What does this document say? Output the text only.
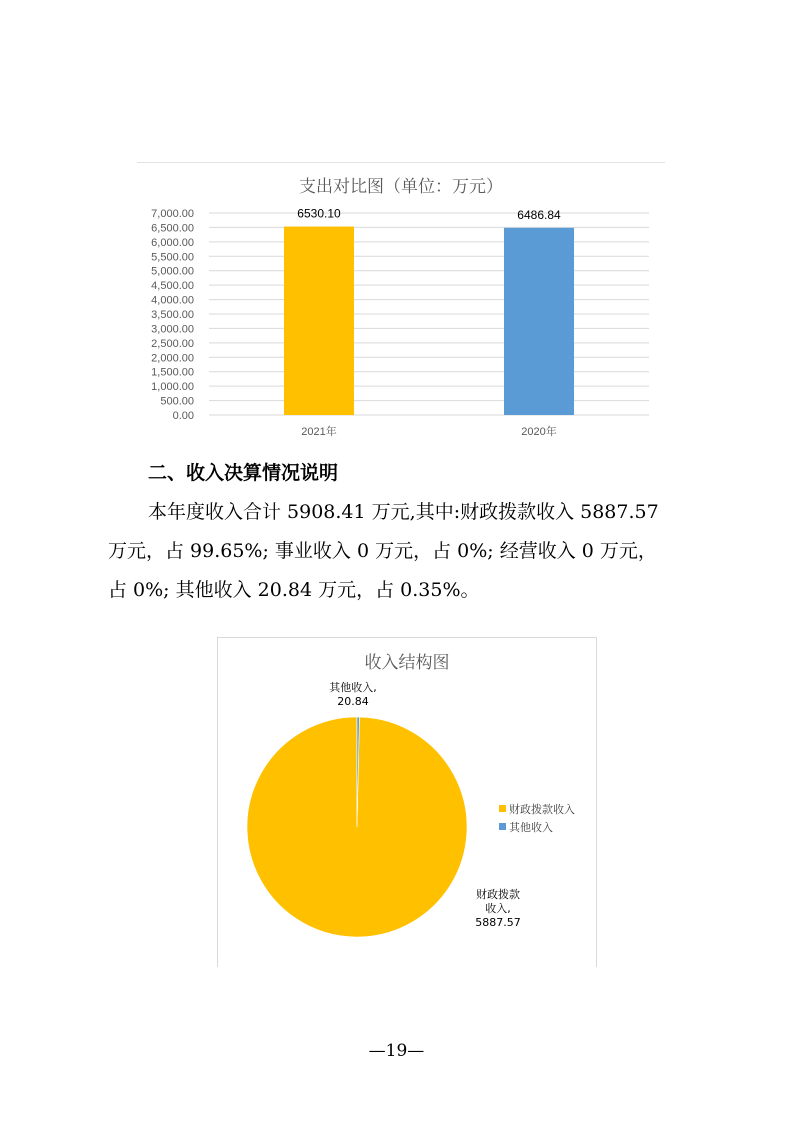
支出对比图（单位：万元）
0.00
500.00
1,000.00
1,500.00
2,000.00
2,500.00
3,000.00
3,500.00
4,000.00
4,500.00
5,000.00
5,500.00
6,000.00
6,500.00
7,000.00	6530.10
2021年
6486.84
2020年
二、收入决算情况说明
本年度收入合计 5908.41 万元,其中:财政拨款收入 5887.57
万元，占 99.65%; 事业收入 0 万元，占 0%; 经营收入 0 万元，
占 0%; 其他收入 20.84 万元，占 0.35%。
收入结构图
其他收入,
20.84
财政拨款
收入,
5887.57
财政拨款收入
其他收入
—19—
